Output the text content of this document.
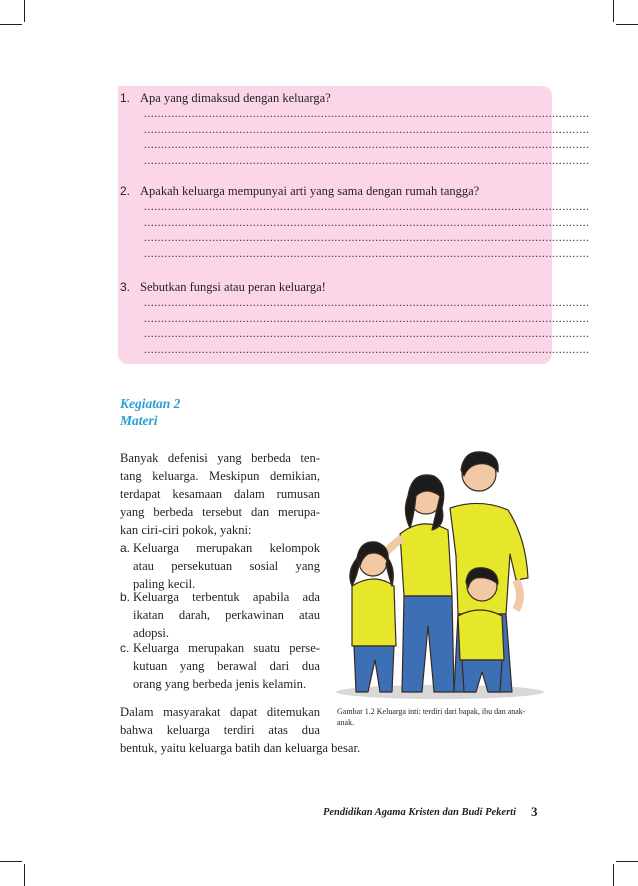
1. Apa yang dimaksud dengan keluarga?
...................................................................................................................................
...................................................................................................................................
...................................................................................................................................
...................................................................................................................................
2. Apakah keluarga mempunyai arti yang sama dengan rumah tangga?
...................................................................................................................................
...................................................................................................................................
...................................................................................................................................
...................................................................................................................................
3. Sebutkan fungsi atau peran keluarga!
...................................................................................................................................
...................................................................................................................................
...................................................................................................................................
...................................................................................................................................
Kegiatan 2
Materi
Banyak defenisi yang berbeda ten-
tang keluarga. Meskipun demikian,
terdapat kesamaan dalam rumusan
yang berbeda tersebut dan merupa-
kan ciri-ciri pokok, yakni:
a. Keluarga merupakan kelompok
atau persekutuan sosial yang
paling kecil.
b. Keluarga terbentuk apabila ada
ikatan darah, perkawinan atau
adopsi.
c. Keluarga merupakan suatu perse-
kutuan yang berawal dari dua
orang yang berbeda jenis kelamin.
Dalam masyarakat dapat ditemukan
bahwa keluarga terdiri atas dua
bentuk, yaitu keluarga batih dan keluarga besar.
Gambar 1.2 Keluarga inti: terdiri dari bapak, ibu dan anak-anak.
Pendidikan Agama Kristen dan Budi Pekerti 3
